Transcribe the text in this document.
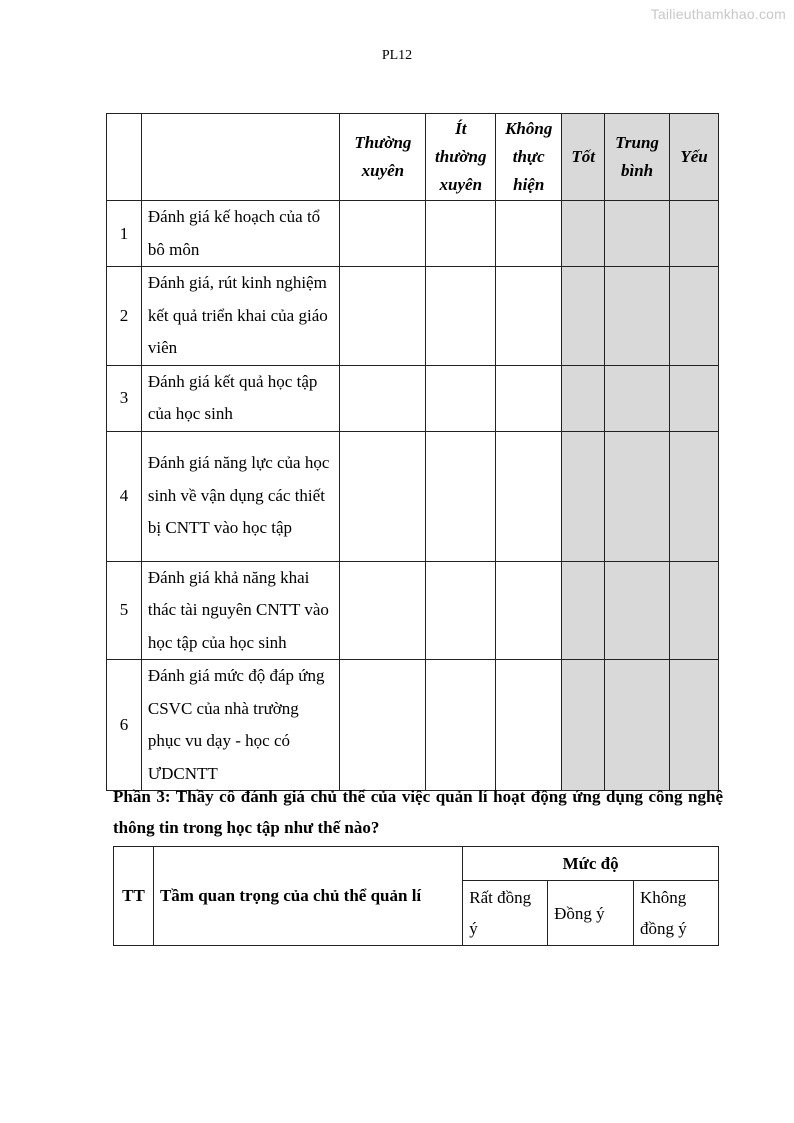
Tailieuthamkhao.com
PL12
		Thường xuyên	Ít thường xuyên	Không thực hiện	Tốt	Trung bình	Yếu
1	Đánh giá kế hoạch của tổ bô môn						
2	Đánh giá, rút kinh nghiệm kết quả triển khai của giáo viên						
3	Đánh giá kết quả học tập của học sinh						
4	Đánh giá năng lực của học sinh về vận dụng các thiết bị CNTT vào học tập						
5	Đánh giá khả năng khai thác tài nguyên CNTT vào học tập của học sinh						
6	Đánh giá mức độ đáp ứng CSVC của nhà trường phục vu dạy - học có ƯDCNTT						
Phần 3: Thầy cô đánh giá chủ thể của việc quản lí hoạt động ứng dụng công nghệ thông tin trong học tập như thế nào?
TT	Tầm quan trọng của chủ thể quản lí	Mức độ		
		Rất đồng ý	Đồng ý	Không đồng ý
